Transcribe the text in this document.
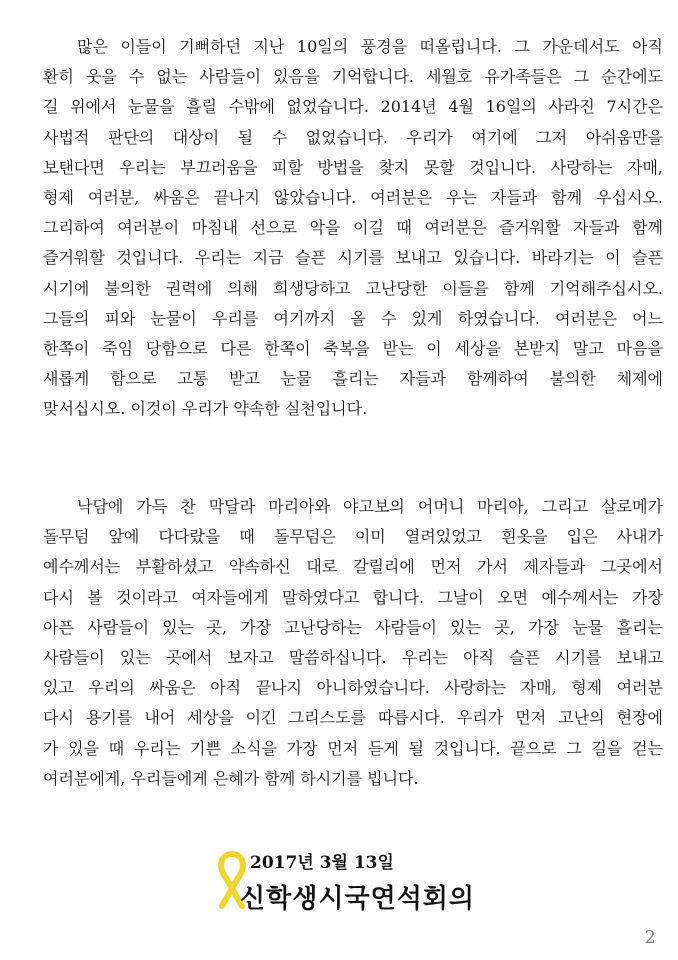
많은 이들이 기뻐하던 지난 10일의 풍경을 떠올립니다. 그 가운데서도 아직
환히 웃을 수 없는 사람들이 있음을 기억합니다. 세월호 유가족들은 그 순간에도
길 위에서 눈물을 흘릴 수밖에 없었습니다. 2014년 4월 16일의 사라진 7시간은
사법적 판단의 대상이 될 수 없었습니다. 우리가 여기에 그저 아쉬움만을
보탠다면 우리는 부끄러움을 피할 방법을 찾지 못할 것입니다. 사랑하는 자매,
형제 여러분, 싸움은 끝나지 않았습니다. 여러분은 우는 자들과 함께 우십시오.
그리하여 여러분이 마침내 선으로 악을 이길 때 여러분은 즐거워할 자들과 함께
즐거워할 것입니다. 우리는 지금 슬픈 시기를 보내고 있습니다. 바라기는 이 슬픈
시기에 불의한 권력에 의해 희생당하고 고난당한 이들을 함께 기억해주십시오.
그들의 피와 눈물이 우리를 여기까지 올 수 있게 하였습니다. 여러분은 어느
한쪽이 죽임 당함으로 다른 한쪽이 축복을 받는 이 세상을 본받지 말고 마음을
새롭게 함으로 고통 받고 눈물 흘리는 자들과 함께하여 불의한 체제에
맞서십시오. 이것이 우리가 약속한 실천입니다.
낙담에 가득 찬 막달라 마리아와 야고보의 어머니 마리아, 그리고 살로메가
돌무덤 앞에 다다랐을 때 돌무덤은 이미 열려있었고 흰옷을 입은 사내가
예수께서는 부활하셨고 약속하신 대로 갈릴리에 먼저 가서 제자들과 그곳에서
다시 볼 것이라고 여자들에게 말하였다고 합니다. 그날이 오면 예수께서는 가장
아픈 사람들이 있는 곳, 가장 고난당하는 사람들이 있는 곳, 가장 눈물 흘리는
사람들이 있는 곳에서 보자고 말씀하십니다. 우리는 아직 슬픈 시기를 보내고
있고 우리의 싸움은 아직 끝나지 아니하였습니다. 사랑하는 자매, 형제 여러분
다시 용기를 내어 세상을 이긴 그리스도를 따릅시다. 우리가 먼저 고난의 현장에
가 있을 때 우리는 기쁜 소식을 가장 먼저 듣게 될 것입니다. 끝으로 그 길을 걷는
여러분에게, 우리들에게 은혜가 함께 하시기를 빕니다.
2017년 3월 13일
신학생시국연석회의
2
